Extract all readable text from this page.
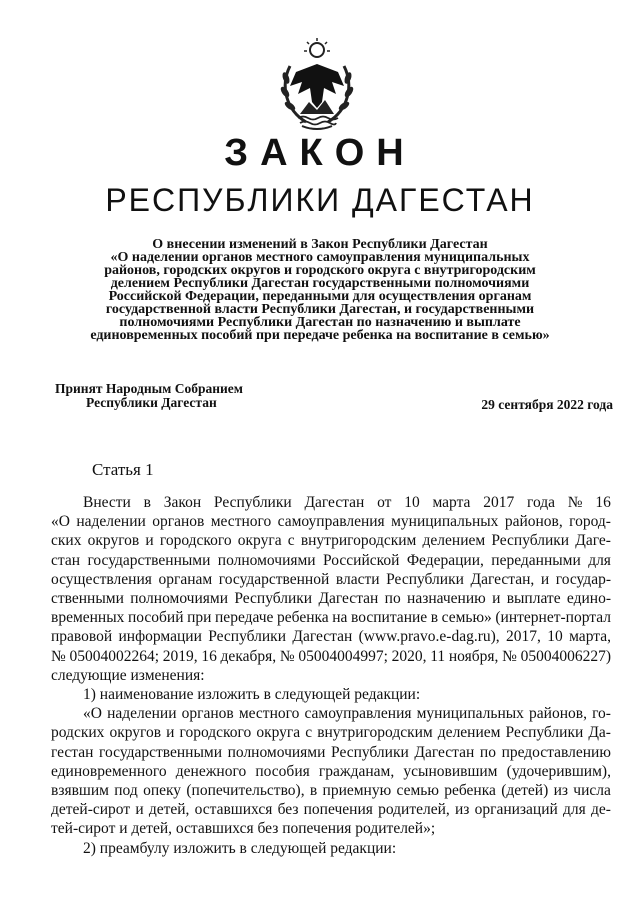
ЗАКОН
РЕСПУБЛИКИ ДАГЕСТАН
О внесении изменений в Закон Республики Дагестан
«О наделении органов местного самоуправления муниципальных
районов, городских округов и городского округа с внутригородским
делением Республики Дагестан государственными полномочиями
Российской Федерации, переданными для осуществления органам
государственной власти Республики Дагестан, и государственными
полномочиями Республики Дагестан по назначению и выплате
единовременных пособий при передаче ребенка на воспитание в семью»
Принят Народным Собранием
Республики Дагестан	29 сентября 2022 года
Статья 1
Внести в Закон Республики Дагестан от 10 марта 2017 года № 16
«О наделении органов местного самоуправления муниципальных районов, город-
ских округов и городского округа с внутригородским делением Республики Даге-
стан государственными полномочиями Российской Федерации, переданными для
осуществления органам государственной власти Республики Дагестан, и государ-
ственными полномочиями Республики Дагестан по назначению и выплате едино-
временных пособий при передаче ребенка на воспитание в семью» (интернет-портал
правовой информации Республики Дагестан (www.pravo.e-dag.ru), 2017, 10 марта,
№ 05004002264; 2019, 16 декабря, № 05004004997; 2020, 11 ноября, № 05004006227)
следующие изменения:
1) наименование изложить в следующей редакции:
«О наделении органов местного самоуправления муниципальных районов, го-
родских округов и городского округа с внутригородским делением Республики Да-
гестан государственными полномочиями Республики Дагестан по предоставлению
единовременного денежного пособия гражданам, усыновившим (удочерившим),
взявшим под опеку (попечительство), в приемную семью ребенка (детей) из числа
детей-сирот и детей, оставшихся без попечения родителей, из организаций для де-
тей-сирот и детей, оставшихся без попечения родителей»;
2) преамбулу изложить в следующей редакции:
